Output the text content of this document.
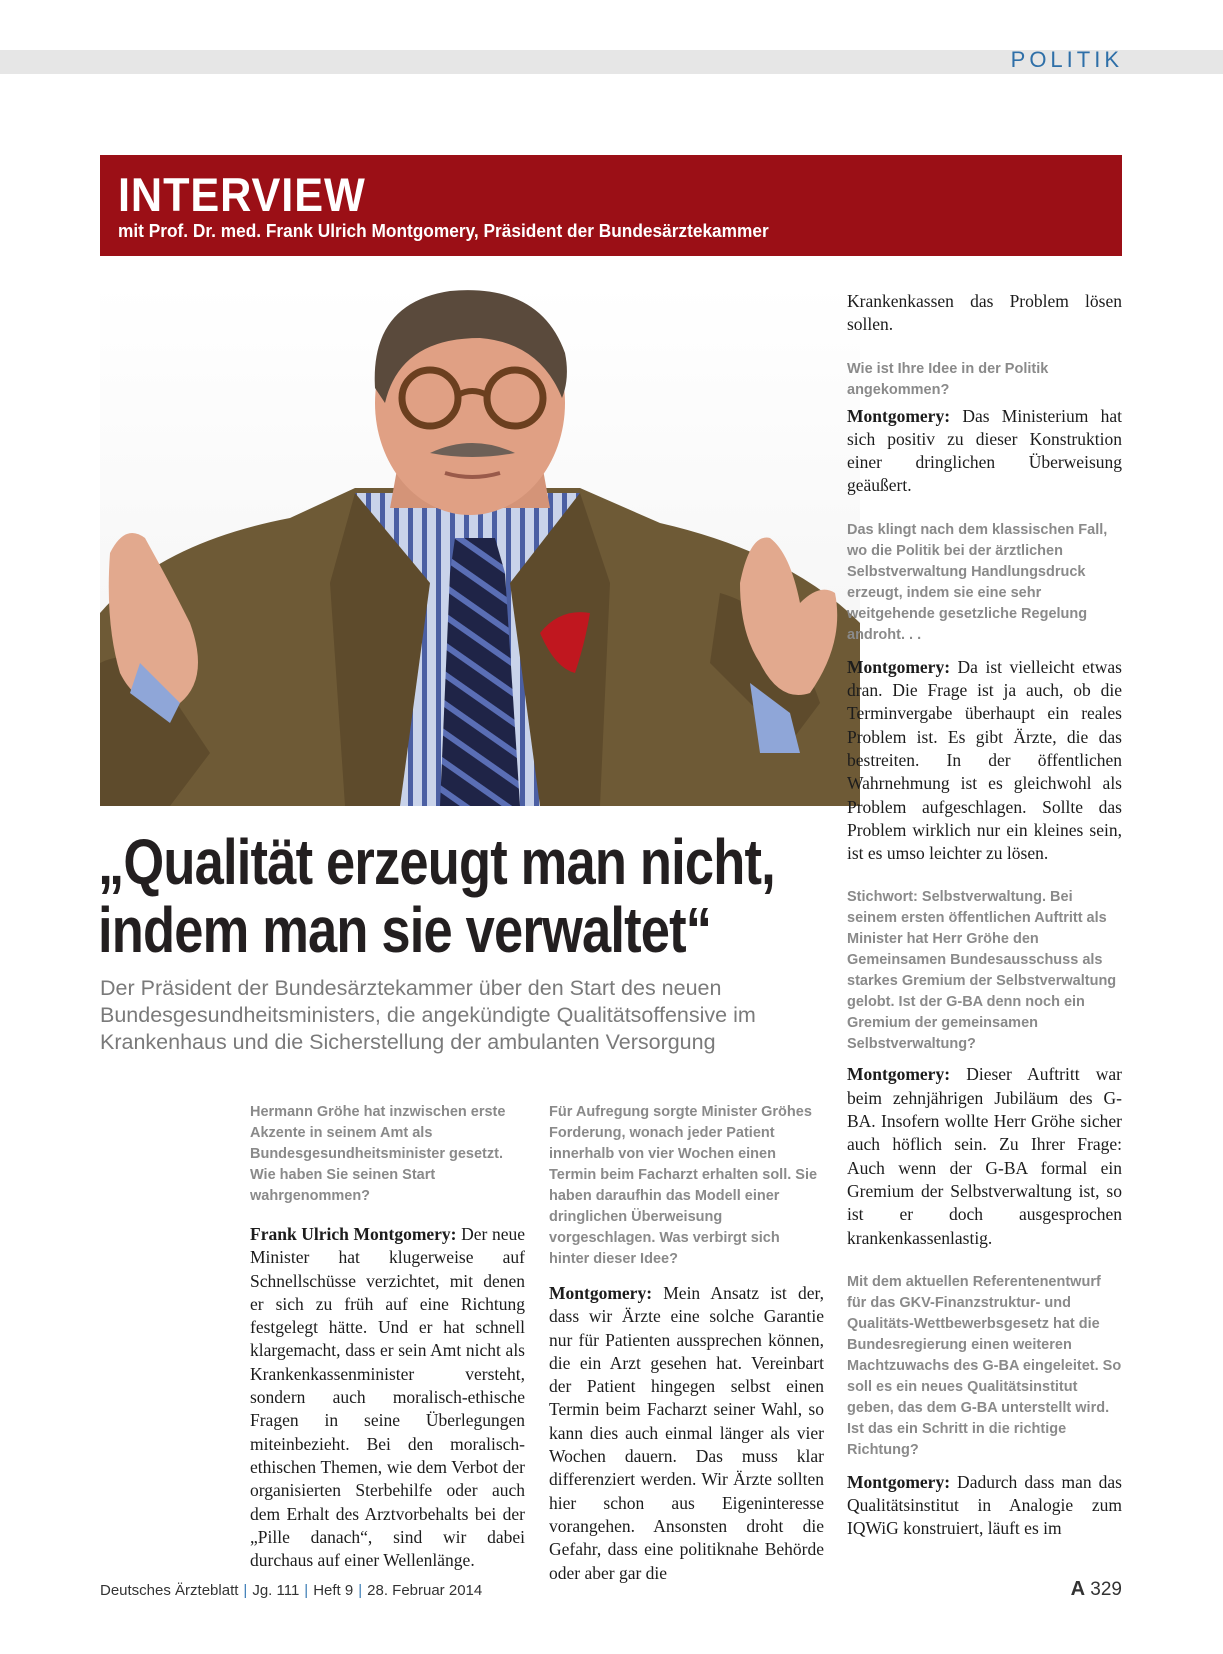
POLITIK
INTERVIEW
mit Prof. Dr. med. Frank Ulrich Montgomery, Präsident der Bundesärztekammer
„Qualität erzeugt man nicht,
indem man sie verwaltet“
Der Präsident der Bundesärztekammer über den Start des neuen Bundesgesundheitsministers, die angekündigte Qualitätsoffensive im Krankenhaus und die Sicherstellung der ambulanten Versorgung
Hermann Gröhe hat inzwischen erste Akzente in seinem Amt als Bundesgesundheitsminister gesetzt. Wie haben Sie seinen Start wahrgenommen?
Frank Ulrich Montgomery: Der neue Minister hat klugerweise auf Schnellschüsse verzichtet, mit denen er sich zu früh auf eine Richtung festgelegt hätte. Und er hat schnell klargemacht, dass er sein Amt nicht als Krankenkassenminister versteht, sondern auch moralisch-ethische Fragen in seine Überlegungen miteinbezieht. Bei den moralisch-ethischen Themen, wie dem Verbot der organisierten Sterbehilfe oder auch dem Erhalt des Arztvorbehalts bei der „Pille danach“, sind wir dabei durchaus auf einer Wellenlänge.
Für Aufregung sorgte Minister Gröhes Forderung, wonach jeder Patient innerhalb von vier Wochen einen Termin beim Facharzt erhalten soll. Sie haben daraufhin das Modell einer dringlichen Überweisung vorgeschlagen. Was verbirgt sich hinter dieser Idee?
Montgomery: Mein Ansatz ist der, dass wir Ärzte eine solche Garantie nur für Patienten aussprechen können, die ein Arzt gesehen hat. Vereinbart der Patient hingegen selbst einen Termin beim Facharzt seiner Wahl, so kann dies auch einmal länger als vier Wochen dauern. Das muss klar differenziert werden. Wir Ärzte sollten hier schon aus Eigeninteresse vorangehen. Ansonsten droht die Gefahr, dass eine politiknahe Behörde oder aber gar die
Krankenkassen das Problem lösen sollen.
Wie ist Ihre Idee in der Politik angekommen?
Montgomery: Das Ministerium hat sich positiv zu dieser Konstruktion einer dringlichen Überweisung geäußert.
Das klingt nach dem klassischen Fall, wo die Politik bei der ärztlichen Selbstverwaltung Handlungsdruck erzeugt, indem sie eine sehr weitgehende gesetzliche Regelung androht. . .
Montgomery: Da ist vielleicht etwas dran. Die Frage ist ja auch, ob die Terminvergabe überhaupt ein reales Problem ist. Es gibt Ärzte, die das bestreiten. In der öffentlichen Wahrnehmung ist es gleichwohl als Problem aufgeschlagen. Sollte das Problem wirklich nur ein kleines sein, ist es umso leichter zu lösen.
Stichwort: Selbstverwaltung. Bei seinem ersten öffentlichen Auftritt als Minister hat Herr Gröhe den Gemeinsamen Bundesausschuss als starkes Gremium der Selbstverwaltung gelobt. Ist der G-BA denn noch ein Gremium der gemeinsamen Selbstverwaltung?
Montgomery: Dieser Auftritt war beim zehnjährigen Jubiläum des G-BA. Insofern wollte Herr Gröhe sicher auch höflich sein. Zu Ihrer Frage: Auch wenn der G-BA formal ein Gremium der Selbstverwaltung ist, so ist er doch ausgesprochen krankenkassenlastig.
Mit dem aktuellen Referentenentwurf für das GKV-Finanzstruktur- und Qualitäts-Wettbewerbsgesetz hat die Bundesregierung einen weiteren Machtzuwachs des G-BA eingeleitet. So soll es ein neues Qualitätsinstitut geben, das dem G-BA unterstellt wird. Ist das ein Schritt in die richtige Richtung?
Montgomery: Dadurch dass man das Qualitätsinstitut in Analogie zum IQWiG konstruiert, läuft es im
Deutsches Ärzteblatt | Jg. 111 | Heft 9 | 28. Februar 2014	A 329
